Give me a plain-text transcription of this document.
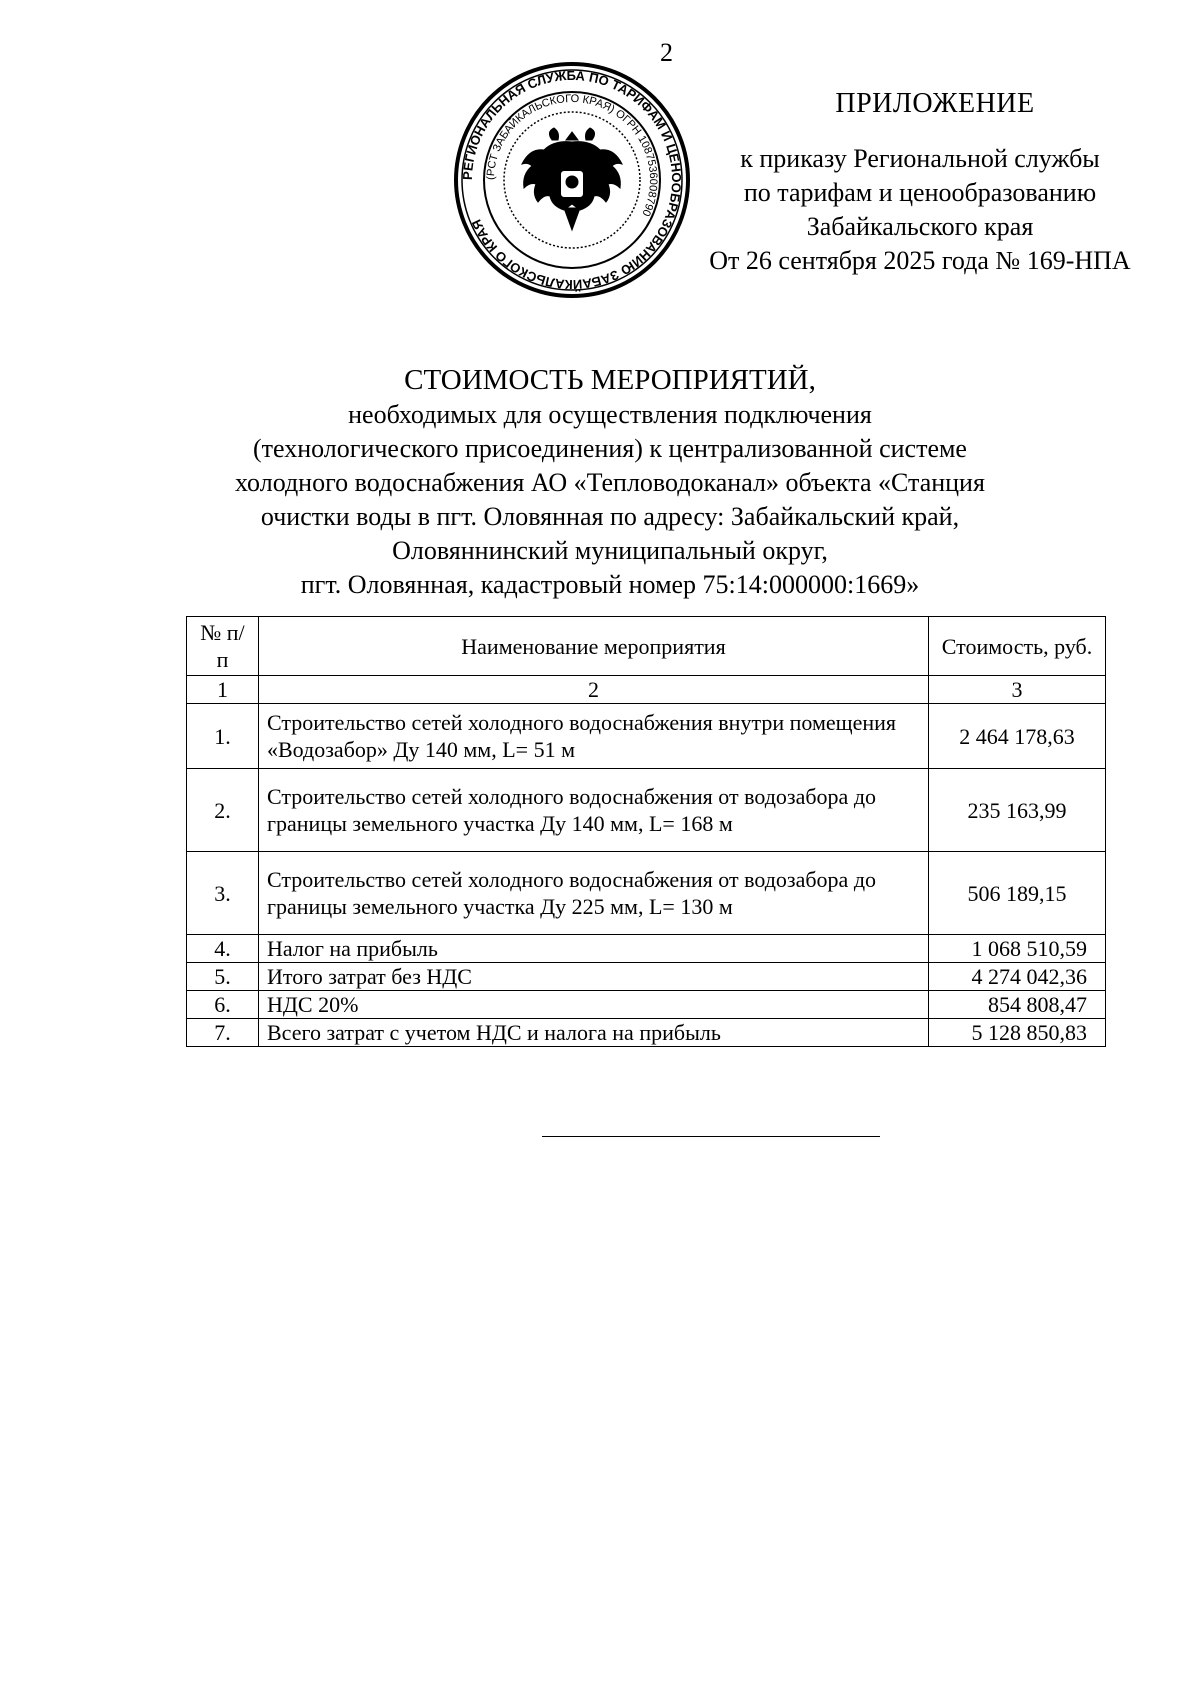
2
РЕГИОНАЛЬНАЯ СЛУЖБА ПО ТАРИФАМ И ЦЕНООБРАЗОВАНИЮ ЗАБАЙКАЛЬСКОГО КРАЯ
(РСТ ЗАБАЙКАЛЬСКОГО КРАЯ) ОГРН 1087536008790
ПРИЛОЖЕНИЕ
к приказу Региональной службы
по тарифам и ценообразованию
Забайкальского края
От 26 сентября 2025 года № 169-НПА
СТОИМОСТЬ МЕРОПРИЯТИЙ,
необходимых для осуществления подключения
(технологического присоединения) к централизованной системе
холодного водоснабжения АО «Тепловодоканал» объекта «Станция
очистки воды в пгт. Оловянная по адресу: Забайкальский край,
Оловяннинский муниципальный округ,
пгт. Оловянная, кадастровый номер 75:14:000000:1669»
№ п/п	Наименование мероприятия	Стоимость, руб.
1	2	3
1.	Строительство сетей холодного водоснабжения внутри помещения «Водозабор» Ду 140 мм, L= 51 м	2 464 178,63
2.	Строительство сетей холодного водоснабжения от водозабора до границы земельного участка Ду 140 мм, L= 168 м	235 163,99
3.	Строительство сетей холодного водоснабжения от водозабора до границы земельного участка Ду 225 мм, L= 130 м	506 189,15
4.	Налог на прибыль	1 068 510,59
5.	Итого затрат без НДС	4 274 042,36
6.	НДС 20%	854 808,47
7.	Всего затрат с учетом НДС и налога на прибыль	5 128 850,83
